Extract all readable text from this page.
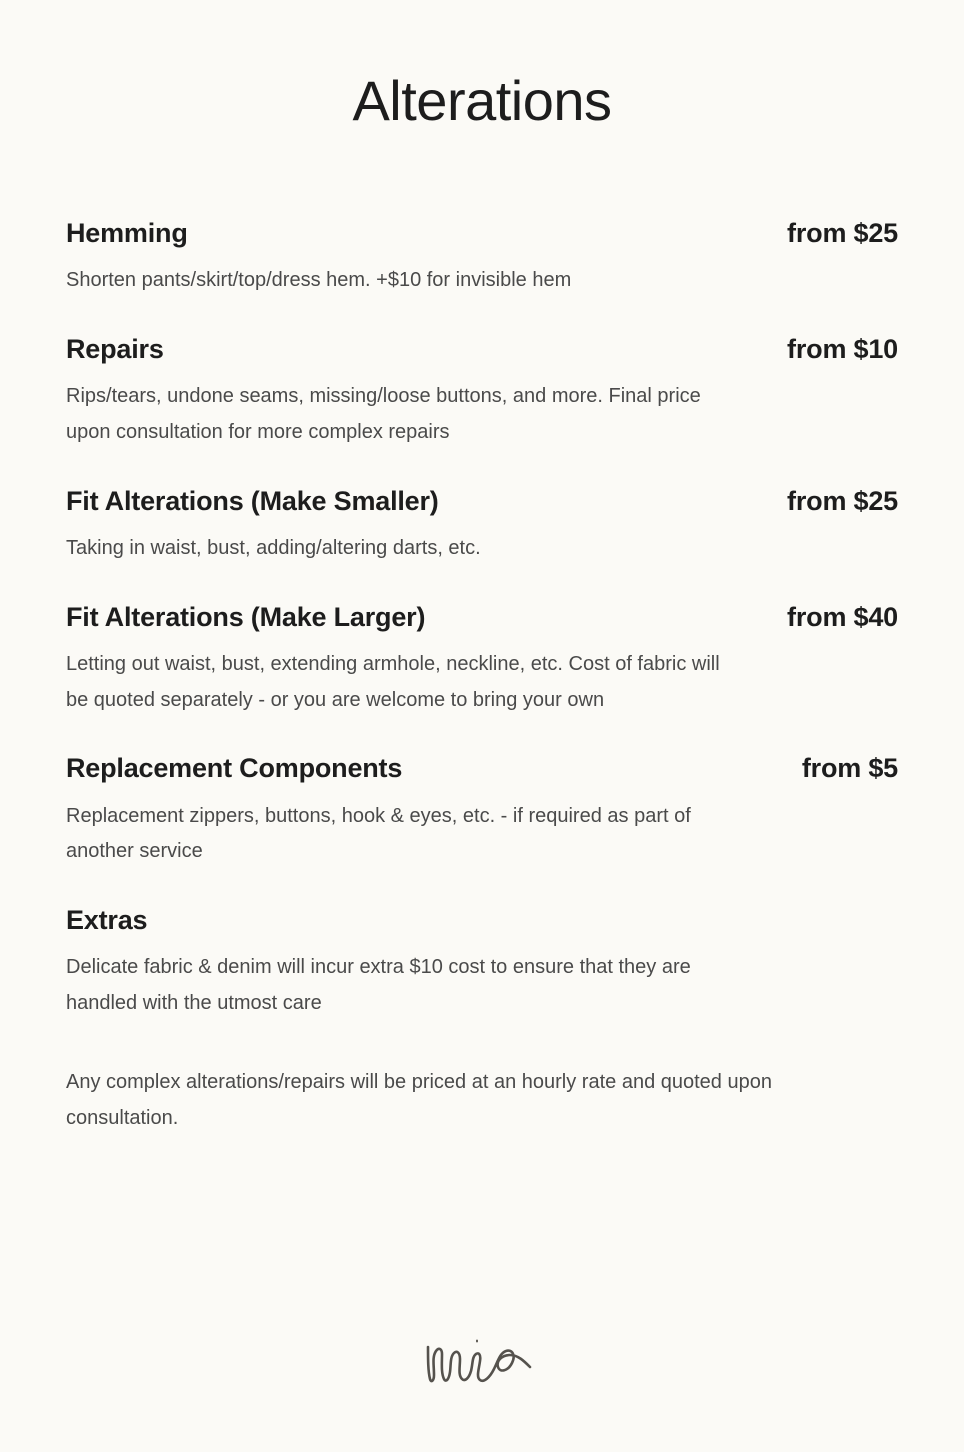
Alterations
Hemming	from $25
Shorten pants/skirt/top/dress hem. +$10 for invisible hem
Repairs	from $10
Rips/tears, undone seams, missing/loose buttons, and more. Final price upon consultation for more complex repairs
Fit Alterations (Make Smaller)	from $25
Taking in waist, bust, adding/altering darts, etc.
Fit Alterations (Make Larger)	from $40
Letting out waist, bust, extending armhole, neckline, etc. Cost of fabric will be quoted separately - or you are welcome to bring your own
Replacement Components	from $5
Replacement zippers, buttons, hook & eyes, etc. - if required as part of another service
Extras
Delicate fabric & denim will incur extra $10 cost to ensure that they are handled with the utmost care
Any complex alterations/repairs will be priced at an hourly rate and quoted upon consultation.
